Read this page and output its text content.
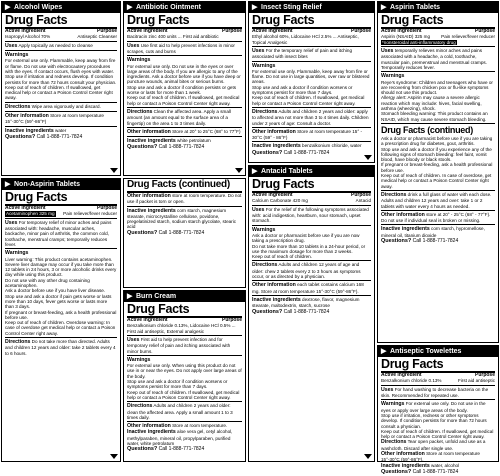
▶ Alcohol Wipes
Drug Facts
Active ingredient	Purpose
Isopropyl Alcohol 70%	Antiseptic Cleanser
Uses Apply topically as needed to cleanse
Warnings
For external use only. Flammable, keep away from fire or flame. Do not use with electrocautery procedures with the eyes. If contact occurs, flush eyes with water.
Stop use if irritation and redness develop. If condition persists for more than 72 hours consult your physician.
Keep out of reach of children. If swallowed, get medical help or contact a Poison Control Center right away.
Directions Wipe area vigorously and discard.
Other information Store at room temperature 15°-30°C (59°-86°F)
Inactive ingredients water
Questions? Call 1-888-771-7824
▶ Antibiotic Ointment
Drug Facts
Active ingredient	Purpose
Bacitracin zinc 400 units ... First aid antibiotic
Uses Use first aid to help prevent infections in minor scrapes, cuts and burns
Warnings
For external use only. Do not use in the eyes or over large areas of the body. If you are allergic to any of the ingredients. Ask a doctor before use if you have deep or puncture wounds, animal bites or serious burns.
Stop use and ask a doctor if condition persists or gets worse or lasts for more than 1 week.
Keep out of reach of children. If swallowed, get medical help or contact a Poison Control Center right away.
Directions Clean the affected area. Apply a small amount (an amount equal to the surface area of a fingertip) on the area 1 to 3 times daily.
Other information Store at 20° to 25°C (68° to 77°F)
Inactive ingredients white petrolatum
Questions? Call 1-888-771-7824
▶ Insect Sting Relief
Drug Facts
Active ingredient	Purpose
Ethyl alcohol 60%, Lidocaine HCl 2.5% ... Antiseptic, Topical Analgesic
Uses For the temporary relief of pain and itching associated with insect bites
Warnings
For external use only. Flammable, keep away from fire or flame. Do not use in large quantities, over raw or blistered areas.
Stop use and ask a doctor if condition worsens or symptoms persist for more than 7 days.
Keep out of reach of children. If swallowed, get medical help or contact a Poison Control Center right away.
Directions Adults and children 2 years and older: apply to affected area not more than 3 to 4 times daily. Children under 2 years of age: Consult a doctor.
Other information Store at room temperature 15° - 30°C (59° - 86°F)
Inactive ingredients benzalkonium chloride, water
Questions? Call 1-888-771-7824
▶ Aspirin Tablets
Drug Facts
Active ingredient	Purpose
Aspirin (NSAID) 325 mg Pain reliever/fever reducer
*nonsteroidal anti-inflammatory drug
Uses temporarily relieves minor aches and pains associated with a headache, a cold, toothache, muscular pain, premenstrual and menstrual cramps. Temporarily reduces fever.
Warnings
Reye's syndrome: Children and teenagers who have or are recovering from chicken pox or flu-like symptoms should not use this product.
Allergy alert: Aspirin may cause a severe allergic reaction which may include: hives, facial swelling, asthma (wheezing), shock.
Stomach bleeding warning: This product contains an NSAID, which may cause severe stomach bleeding.
Drug Facts (continued)
Ask a doctor or pharmacist before use if you are taking a prescription drug for diabetes, gout, arthritis.
Stop use and ask a doctor if you experience any of the following signs of stomach bleeding: feel faint, vomit blood, have bloody or black stools.
If pregnant or breast-feeding, ask a health professional before use.
Keep out of reach of children. In case of overdose, get medical help or contact a Poison Control Center right away.
Directions drink a full glass of water with each dose. Adults and children 12 years and over: take 1 or 2 tablets with water every 4 hours as needed.
Other information store at 20° - 25°C (68° - 77°F). Do not use if individual seal is broken or missing.
Inactive ingredients corn starch, hypromellose, mineral oil, titanium dioxide
Questions? Call 1-888-771-7824
▶ Non-Aspirin Tablets
Drug Facts
Active ingredient	Purpose
Acetaminophen 325 mg Pain reliever/fever reducer
Uses For temporary relief of minor aches and pains associated with: headache, muscular aches, backache, minor pain of arthritis, the common cold, toothache, menstrual cramps; temporarily reduces fever.
Warnings
Liver warning: This product contains acetaminophen. Severe liver damage may occur if you take more than 12 tablets in 24 hours, 3 or more alcoholic drinks every day while using this product.
Do not use with any other drug containing acetaminophen.
Ask a doctor before use if you have liver disease.
Stop use and ask a doctor if pain gets worse or lasts more than 10 days, fever gets worse or lasts more than 3 days.
If pregnant or breast-feeding, ask a health professional before use.
Keep out of reach of children. Overdose warning: In case of overdose get medical help or contact a Poison Control Center right away.
Directions Do not take more than directed. Adults and children 12 years and older: take 2 tablets every 4 to 6 hours.
Drug Facts (continued)
Other information store at room temperature. Do not use if packet is torn or open.
Inactive ingredients corn starch, magnesium stearate, microcrystalline cellulose, povidone, pregelatinized starch, sodium starch glycolate, stearic acid
Questions? Call 1-888-771-7824
▶ Burn Cream
Drug Facts
Active ingredient	Purpose
Benzalkonium chloride 0.13%, Lidocaine HCl 0.5% ... First aid antiseptic, External analgesic
Uses First aid to help prevent infection and for temporary relief of pain and itching associated with minor burns.
Warnings
For external use only. When using this product do not use in or near the eyes. Do not apply over large areas of the body.
Stop use and ask a doctor if condition worsens or symptoms persist for more than 7 days.
Keep out of reach of children. If swallowed, get medical help or contact a Poison Control Center right away.
Directions Adults and children 2 years and older: clean the affected area. Apply a small amount 1 to 3 times daily.
Other information Store at room temperature.
Inactive ingredients aloe vera gel, cetyl alcohol, methylparaben, mineral oil, propylparaben, purified water, white petrolatum
Questions? Call 1-888-771-7824
▶ Antacid Tablets
Drug Facts
Active ingredient	Purpose
Calcium Carbonate 420 mg	Antacid
Uses For the relief of the following symptoms associated with: acid indigestion, heartburn, sour stomach, upset stomach.
Warnings
Ask a doctor or pharmacist before use if you are now taking a prescription drug.
Do not take more than 10 tablets in a 24-hour period, or use the maximum dosage for more than 2 weeks.
Keep out of reach of children.
Directions Adults and children 12 years of age and older: chew 2 tablets every 2 to 3 hours as symptoms occur, or as directed by a physician.
Other information each tablet contains calcium 168 mg. Store at room temperature 15°-30°C (59°-86°F).
Inactive ingredients dextrose, flavor, magnesium stearate, maltodextrin, starch, sucrose
Questions? Call 1-888-771-7824
▶ Antiseptic Towelettes
Drug Facts
Active ingredient	Purpose
Benzalkonium chloride 0.13%	First aid antiseptic
Uses For hand washing to decrease bacteria on the skin. Recommended for repeated use.
Warnings For external use only. Do not use in the eyes or apply over large areas of the body.
Stop use if irritation, redness or other symptoms develop. If condition persists for more than 72 hours consult a physician.
Keep out of reach of children. If swallowed, get medical help or contact a Poison Control Center right away.
Directions Tear open packet, unfold and use as a washcloth. Discard after single use.
Other information Store at room temperature 15°-30°C (59°-86°F).
Inactive ingredients water, alcohol
Questions? Call 1-888-771-7824
